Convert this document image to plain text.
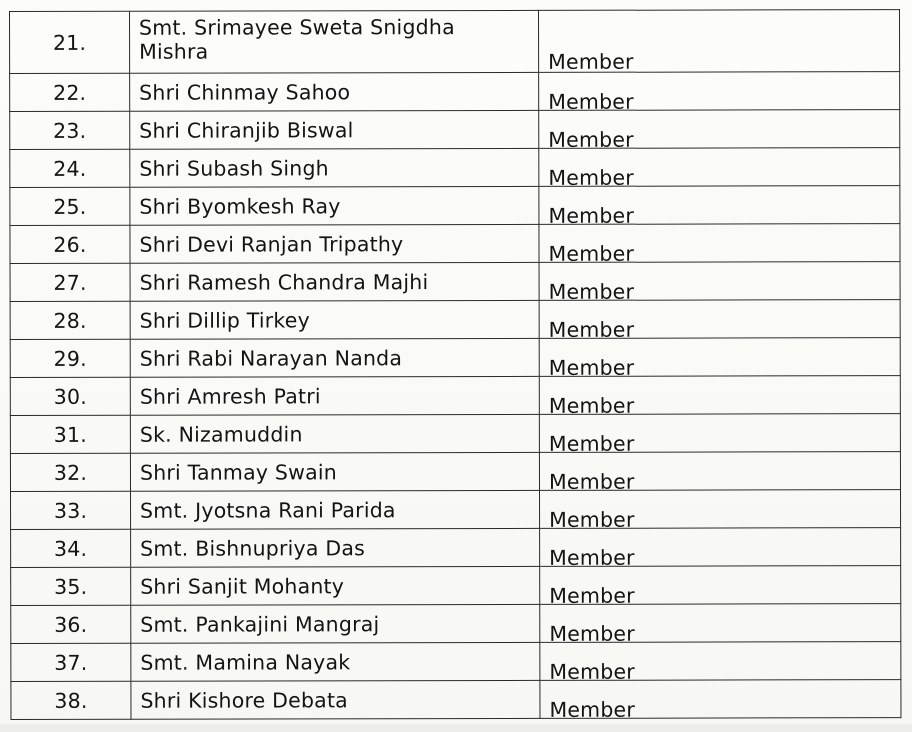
21.	Smt. Srimayee Sweta Snigdha Mishra	Member
22.	Shri Chinmay Sahoo	Member
23.	Shri Chiranjib Biswal	Member
24.	Shri Subash Singh	Member
25.	Shri Byomkesh Ray	Member
26.	Shri Devi Ranjan Tripathy	Member
27.	Shri Ramesh Chandra Majhi	Member
28.	Shri Dillip Tirkey	Member
29.	Shri Rabi Narayan Nanda	Member
30.	Shri Amresh Patri	Member
31.	Sk. Nizamuddin	Member
32.	Shri Tanmay Swain	Member
33.	Smt. Jyotsna Rani Parida	Member
34.	Smt. Bishnupriya Das	Member
35.	Shri Sanjit Mohanty	Member
36.	Smt. Pankajini Mangraj	Member
37.	Smt. Mamina Nayak	Member
38.	Shri Kishore Debata	Member
